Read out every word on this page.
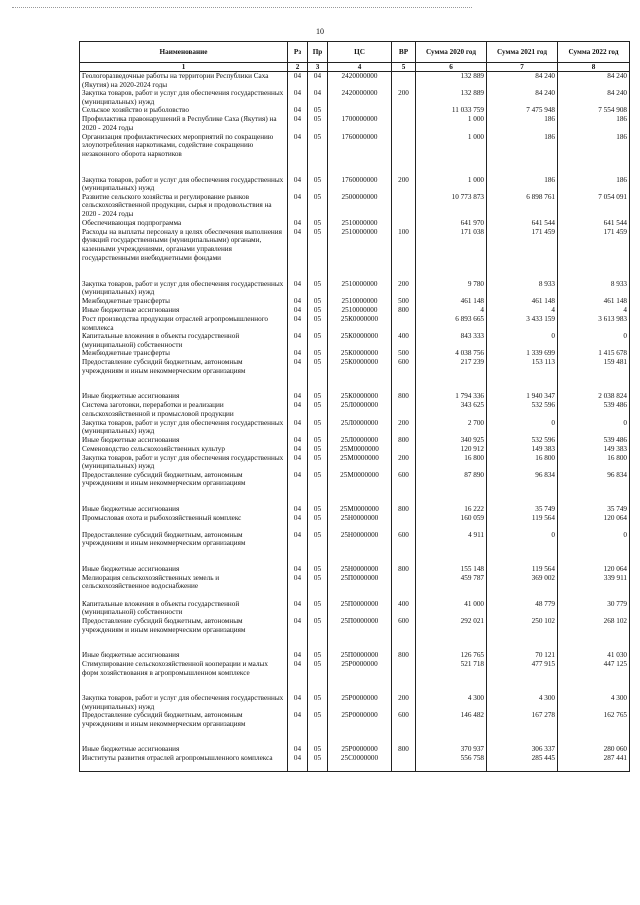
10
Наименование	Рз	Пр	ЦС	ВР	Сумма 2020 год	Сумма 2021 год	Сумма 2022 год
1	2	3	4	5	6	7	8
Геологоразведочные работы на территории Республики Саха (Якутия) на 2020-2024 годы	04	04	2420000000		132 889	84 240	84 240
Закупка товаров, работ и услуг для обеспечения государственных (муниципальных) нужд	04	04	2420000000	200	132 889	84 240	84 240
Сельское хозяйство и рыболовство	04	05			11 033 759	7 475 948	7 554 908
Профилактика правонарушений в Республике Саха (Якутия) на 2020 - 2024 годы	04	05	1700000000		1 000	186	186
Организация профилактических мероприятий по сокращению злоупотребления наркотиками, содействие сокращению незаконного оборота наркотиков	04	05	1760000000		1 000	186	186
Закупка товаров, работ и услуг для обеспечения государственных (муниципальных) нужд	04	05	1760000000	200	1 000	186	186
Развитие сельского хозяйства и регулирование рынков сельскохозяйственной продукции, сырья и продовольствия на 2020 - 2024 годы	04	05	2500000000		10 773 873	6 898 761	7 054 091
Обеспечивающая подпрограмма	04	05	2510000000		641 970	641 544	641 544
Расходы на выплаты персоналу в целях обеспечения выполнения функций государственными (муниципальными) органами, казенными учреждениями, органами управления государственными внебюджетными фондами	04	05	2510000000	100	171 038	171 459	171 459
Закупка товаров, работ и услуг для обеспечения государственных (муниципальных) нужд	04	05	2510000000	200	9 780	8 933	8 933
Межбюджетные трансферты	04	05	2510000000	500	461 148	461 148	461 148
Иные бюджетные ассигнования	04	05	2510000000	800	4	4	4
Рост производства продукции отраслей агропромышленного комплекса	04	05	25К0000000		6 893 665	3 433 159	3 613 983
Капитальные вложения в объекты государственной (муниципальной) собственности	04	05	25К0000000	400	843 333	0	0
Межбюджетные трансферты	04	05	25К0000000	500	4 038 756	1 339 699	1 415 678
Предоставление субсидий бюджетным, автономным учреждениям и иным некоммерческим организациям	04	05	25К0000000	600	217 239	153 113	159 481
Иные бюджетные ассигнования	04	05	25К0000000	800	1 794 336	1 940 347	2 038 824
Система заготовки, переработки и реализации сельскохозяйственной и промысловой продукции	04	05	25Л0000000		343 625	532 596	539 486
Закупка товаров, работ и услуг для обеспечения государственных (муниципальных) нужд	04	05	25Л0000000	200	2 700	0	0
Иные бюджетные ассигнования	04	05	25Л0000000	800	340 925	532 596	539 486
Семеноводство сельскохозяйственных культур	04	05	25М0000000		120 912	149 383	149 383
Закупка товаров, работ и услуг для обеспечения государственных (муниципальных) нужд	04	05	25М0000000	200	16 800	16 800	16 800
Предоставление субсидий бюджетным, автономным учреждениям и иным некоммерческим организациям	04	05	25М0000000	600	87 890	96 834	96 834
Иные бюджетные ассигнования	04	05	25М0000000	800	16 222	35 749	35 749
Промысловая охота и рыбохозяйственный комплекс	04	05	25Н0000000		160 059	119 564	120 064
Предоставление субсидий бюджетным, автономным учреждениям и иным некоммерческим организациям	04	05	25Н0000000	600	4 911	0	0
Иные бюджетные ассигнования	04	05	25Н0000000	800	155 148	119 564	120 064
Мелиорация сельскохозяйственных земель и сельскохозяйственное водоснабжение	04	05	25П0000000		459 787	369 002	339 911
Капитальные вложения в объекты государственной (муниципальной) собственности	04	05	25П0000000	400	41 000	48 779	30 779
Предоставление субсидий бюджетным, автономным учреждениям и иным некоммерческим организациям	04	05	25П0000000	600	292 021	250 102	268 102
Иные бюджетные ассигнования	04	05	25П0000000	800	126 765	70 121	41 030
Стимулирование сельскохозяйственной кооперации и малых форм хозяйствования в агропромышленном комплексе	04	05	25Р0000000		521 718	477 915	447 125
Закупка товаров, работ и услуг для обеспечения государственных (муниципальных) нужд	04	05	25Р0000000	200	4 300	4 300	4 300
Предоставление субсидий бюджетным, автономным учреждениям и иным некоммерческим организациям	04	05	25Р0000000	600	146 482	167 278	162 765
Иные бюджетные ассигнования	04	05	25Р0000000	800	370 937	306 337	280 060
Институты развития отраслей агропромышленного комплекса	04	05	25С0000000		556 758	285 445	287 441
